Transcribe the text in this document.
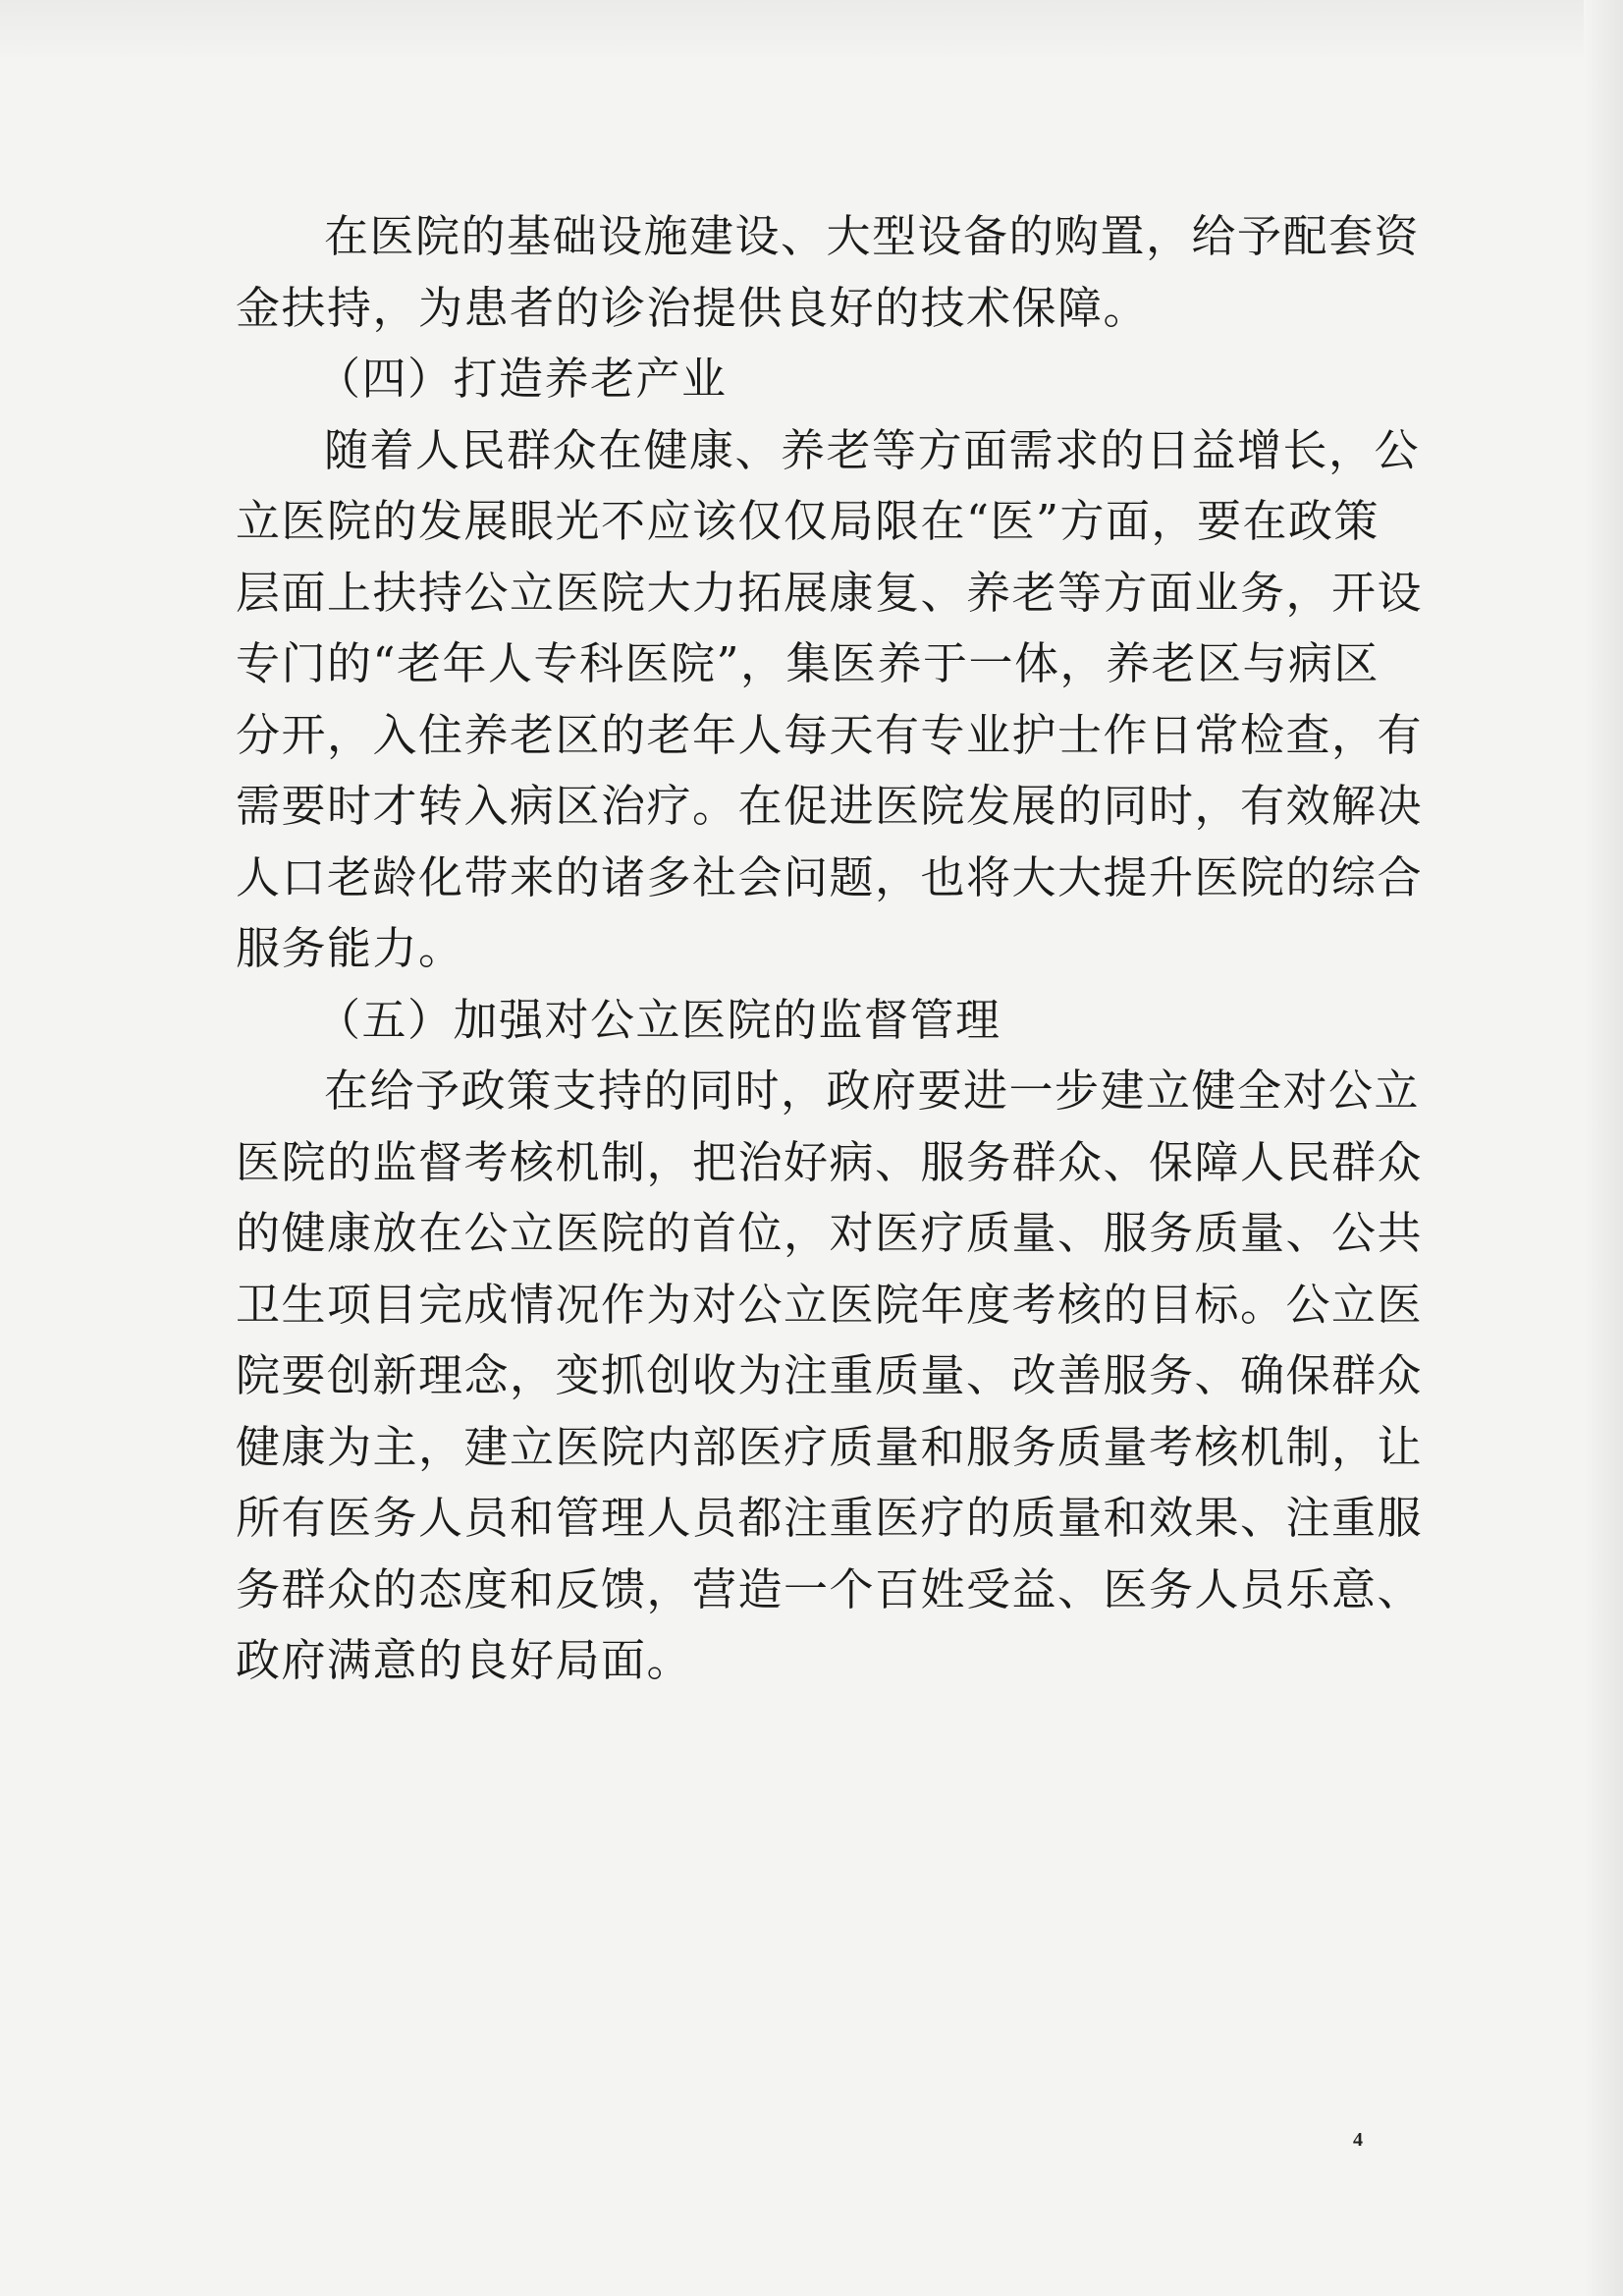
在医院的基础设施建设、大型设备的购置，给予配套资
金扶持，为患者的诊治提供良好的技术保障。
（四）打造养老产业
随着人民群众在健康、养老等方面需求的日益增长，公
立医院的发展眼光不应该仅仅局限在“医”方面，要在政策
层面上扶持公立医院大力拓展康复、养老等方面业务，开设
专门的“老年人专科医院”，集医养于一体，养老区与病区
分开，入住养老区的老年人每天有专业护士作日常检查，有
需要时才转入病区治疗。在促进医院发展的同时，有效解决
人口老龄化带来的诸多社会问题，也将大大提升医院的综合
服务能力。
（五）加强对公立医院的监督管理
在给予政策支持的同时，政府要进一步建立健全对公立
医院的监督考核机制，把治好病、服务群众、保障人民群众
的健康放在公立医院的首位，对医疗质量、服务质量、公共
卫生项目完成情况作为对公立医院年度考核的目标。公立医
院要创新理念，变抓创收为注重质量、改善服务、确保群众
健康为主，建立医院内部医疗质量和服务质量考核机制，让
所有医务人员和管理人员都注重医疗的质量和效果、注重服
务群众的态度和反馈，营造一个百姓受益、医务人员乐意、
政府满意的良好局面。
4
